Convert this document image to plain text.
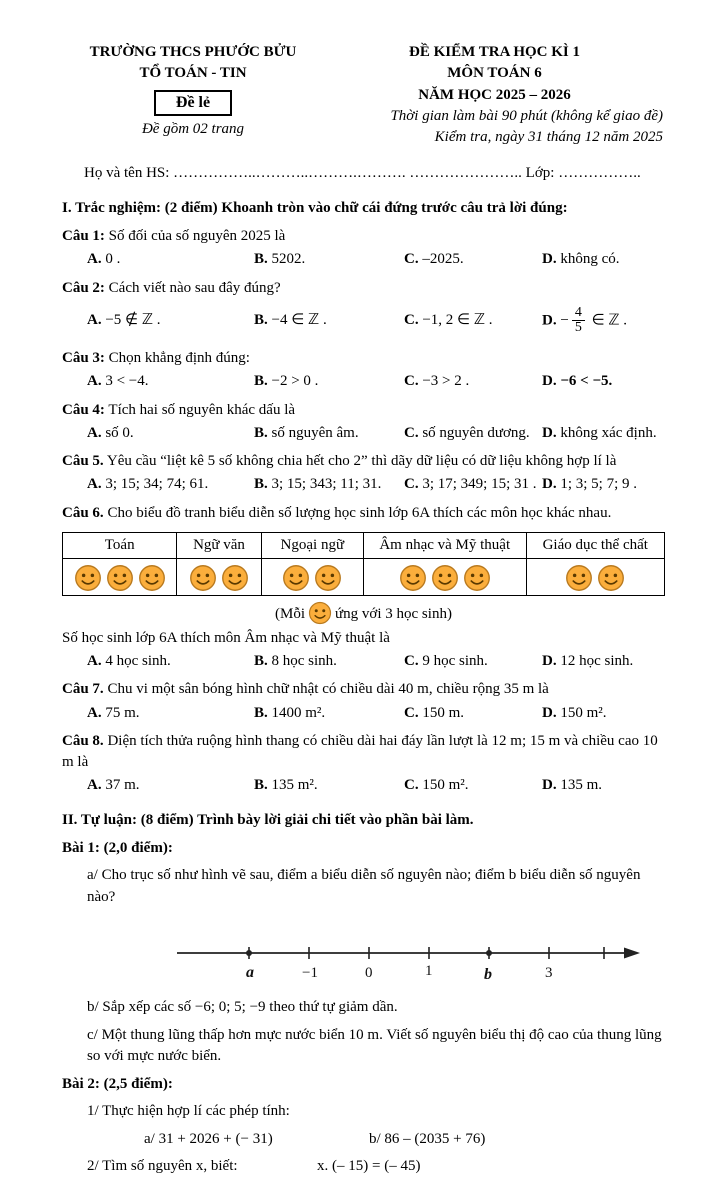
TRƯỜNG THCS PHƯỚC BỬU
TỔ TOÁN - TIN
Đề lẻ
Đề gồm 02 trang
ĐỀ KIỂM TRA HỌC KÌ 1
MÔN TOÁN 6
NĂM HỌC 2025 – 2026
Thời gian làm bài 90 phút (không kể giao đề)
Kiểm tra, ngày 31 tháng 12 năm 2025
Họ và tên HS: ……………..………..……….………. ………………….. Lớp: ……………..
I. Trắc nghiệm: (2 điểm) Khoanh tròn vào chữ cái đứng trước câu trả lời đúng:
Câu 1: Số đối của số nguyên 2025 là
A. 0 .	B. 5202.	C. –2025.	D. không có.
Câu 2: Cách viết nào sau đây đúng?
A. −5 ∉ ℤ .	B. −4 ∈ ℤ .	C. −1, 2 ∈ ℤ .	D. − $\frac{4}{5}$ ∈ ℤ .
Câu 3: Chọn khẳng định đúng:
A. 3 < −4.	B. −2 > 0 .	C. −3 > 2 .	D. −6 < −5.
Câu 4: Tích hai số nguyên khác dấu là
A. số 0.	B. số nguyên âm.	C. số nguyên dương. D. không xác định.
Câu 5. Yêu cầu “liệt kê 5 số không chia hết cho 2” thì dãy dữ liệu có dữ liệu không hợp lí là
A. 3; 15; 34; 74; 61.	B. 3; 15; 343; 11; 31.	C. 3; 17; 349; 15; 31 . D. 1; 3; 5; 7; 9 .
Câu 6. Cho biểu đồ tranh biểu diễn số lượng học sinh lớp 6A thích các môn học khác nhau.
Toán	Ngữ văn	Ngoại ngữ	Âm nhạc và Mỹ thuật	Giáo dục thể chất

(Mỗi ứng với 3 học sinh)
Số học sinh lớp 6A thích môn Âm nhạc và Mỹ thuật là
A. 4 học sinh.	B. 8 học sinh.	C. 9 học sinh.	D. 12 học sinh.
Câu 7. Chu vi một sân bóng hình chữ nhật có chiều dài 40 m, chiều rộng 35 m là
A. 75 m.	B. 1400 m².	C. 150 m.	D. 150 m².
Câu 8. Diện tích thửa ruộng hình thang có chiều dài hai đáy lần lượt là 12 m; 15 m và chiều cao 10 m là
A. 37 m.	B. 135 m².	C. 150 m².	D. 135 m.
II. Tự luận: (8 điểm) Trình bày lời giải chi tiết vào phần bài làm.
Bài 1: (2,0 điểm):
a/ Cho trục số như hình vẽ sau, điểm a biểu diễn số nguyên nào; điểm b biểu diễn số nguyên nào?
a	−1	0	1	b	3
b/ Sắp xếp các số −6; 0; 5; −9 theo thứ tự giảm dần.
c/ Một thung lũng thấp hơn mực nước biển 10 m. Viết số nguyên biểu thị độ cao của thung lũng so với mực nước biển.
Bài 2: (2,5 điểm):
1/ Thực hiện hợp lí các phép tính:
a/ 31 + 2026 + (− 31)	b/ 86 – (2035 + 76)
2/ Tìm số nguyên x, biết:	x. (– 15) = (– 45)
